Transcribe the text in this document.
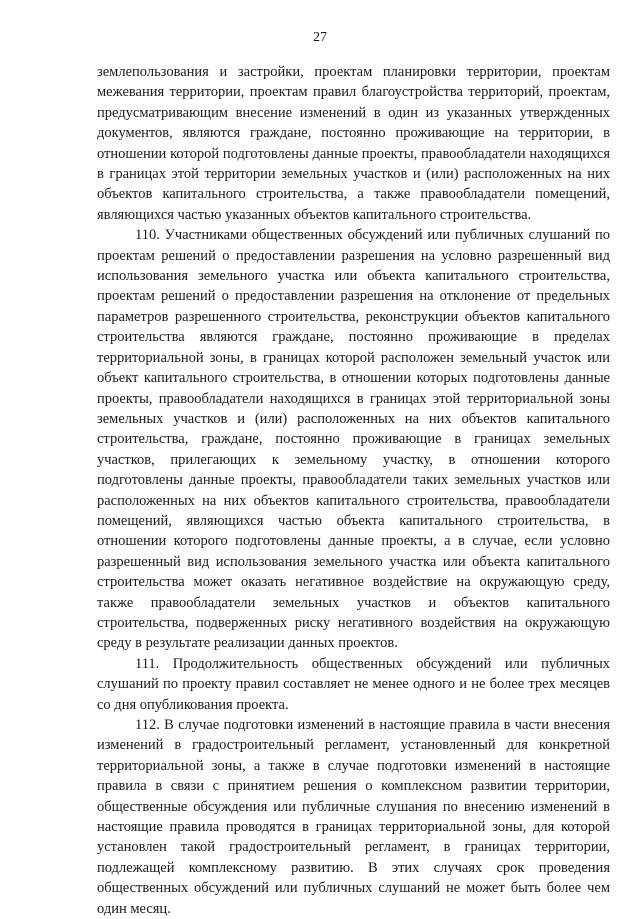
27

землепользования и застройки, проектам планировки территории, проектам межевания территории, проектам правил благоустройства территорий, проектам, предусматривающим внесение изменений в один из указанных утвержденных документов, являются граждане, постоянно проживающие на территории, в отношении которой подготовлены данные проекты, правообладатели находящихся в границах этой территории земельных участков и (или) расположенных на них объектов капитального строительства, а также правообладатели помещений, являющихся частью указанных объектов капитального строительства.

110. Участниками общественных обсуждений или публичных слушаний по проектам решений о предоставлении разрешения на условно разрешенный вид использования земельного участка или объекта капитального строительства, проектам решений о предоставлении разрешения на отклонение от предельных параметров разрешенного строительства, реконструкции объектов капитального строительства являются граждане, постоянно проживающие в пределах территориальной зоны, в границах которой расположен земельный участок или объект капитального строительства, в отношении которых подготовлены данные проекты, правообладатели находящихся в границах этой территориальной зоны земельных участков и (или) расположенных на них объектов капитального строительства, граждане, постоянно проживающие в границах земельных участков, прилегающих к земельному участку, в отношении которого подготовлены данные проекты, правообладатели таких земельных участков или расположенных на них объектов капитального строительства, правообладатели помещений, являющихся частью объекта капитального строительства, в отношении которого подготовлены данные проекты, а в случае, если условно разрешенный вид использования земельного участка или объекта капитального строительства может оказать негативное воздействие на окружающую среду, также правообладатели земельных участков и объектов капитального строительства, подверженных риску негативного воздействия на окружающую среду в результате реализации данных проектов.

111. Продолжительность общественных обсуждений или публичных слушаний по проекту правил составляет не менее одного и не более трех месяцев со дня опубликования проекта.

112. В случае подготовки изменений в настоящие правила в части внесения изменений в градостроительный регламент, установленный для конкретной территориальной зоны, а также в случае подготовки изменений в настоящие правила в связи с принятием решения о комплексном развитии территории, общественные обсуждения или публичные слушания по внесению изменений в настоящие правила проводятся в границах территориальной зоны, для которой установлен такой градостроительный регламент, в границах территории, подлежащей комплексному развитию. В этих случаях срок проведения общественных обсуждений или публичных слушаний не может быть более чем один месяц.
